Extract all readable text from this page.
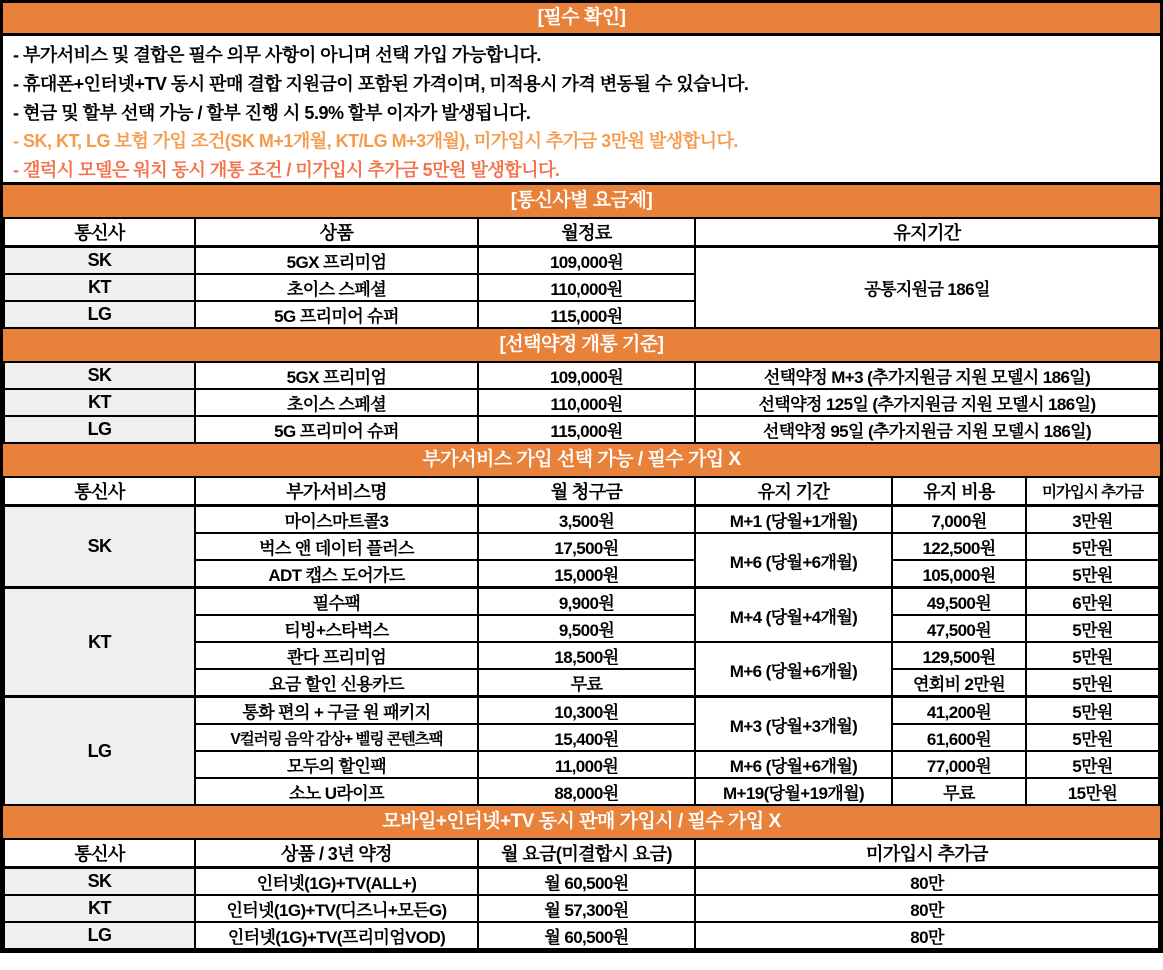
[필수 확인]
- 부가서비스 및 결합은 필수 의무 사항이 아니며 선택 가입 가능합니다.
- 휴대폰+인터넷+TV 동시 판매 결합 지원금이 포함된 가격이며, 미적용시 가격 변동될 수 있습니다.
- 현금 및 할부 선택 가능 / 할부 진행 시 5.9% 할부 이자가 발생됩니다.
- SK, KT, LG 보험 가입 조건(SK M+1개월, KT/LG M+3개월), 미가입시 추가금 3만원 발생합니다.
- 갤럭시 모델은 워치 동시 개통 조건 / 미가입시 추가금 5만원 발생합니다.
[통신사별 요금제]
통신사	상품	월정료	유지기간
SK	5GX 프리미엄	109,000원	공통지원금 186일
KT	초이스 스페셜	110,000원	
LG	5G 프리미어 슈퍼	115,000원	
[선택약정 개통 기준]
SK	5GX 프리미엄	109,000원	선택약정 M+3 (추가지원금 지원 모델시 186일)
KT	초이스 스페셜	110,000원	선택약정 125일 (추가지원금 지원 모델시 186일)
LG	5G 프리미어 슈퍼	115,000원	선택약정 95일 (추가지원금 지원 모델시 186일)
부가서비스 가입 선택 가능 / 필수 가입 X
통신사	부가서비스명	월 청구금	유지 기간	유지 비용	미가입시 추가금
SK	마이스마트콜3	3,500원	M+1 (당월+1개월)	7,000원	3만원
	벅스 앤 데이터 플러스	17,500원	M+6 (당월+6개월)	122,500원	5만원
	ADT 캡스 도어가드	15,000원		105,000원	5만원
KT	필수팩	9,900원	M+4 (당월+4개월)	49,500원	6만원
	티빙+스타벅스	9,500원		47,500원	5만원
	콴다 프리미엄	18,500원	M+6 (당월+6개월)	129,500원	5만원
	요금 할인 신용카드	무료		연회비 2만원	5만원
LG	통화 편의 + 구글 원 패키지	10,300원	M+3 (당월+3개월)	41,200원	5만원
	V컬러링 음악 감상+ 벨링 콘텐츠팩	15,400원		61,600원	5만원
	모두의 할인팩	11,000원	M+6 (당월+6개월)	77,000원	5만원
	소노 U라이프	88,000원	M+19(당월+19개월)	무료	15만원
모바일+인터넷+TV 동시 판매 가입시 / 필수 가입 X
통신사	상품 / 3년 약정	월 요금(미결합시 요금)	미가입시 추가금
SK	인터넷(1G)+TV(ALL+)	월 60,500원	80만
KT	인터넷(1G)+TV(디즈니+모든G)	월 57,300원	80만
LG	인터넷(1G)+TV(프리미엄VOD)	월 60,500원	80만
